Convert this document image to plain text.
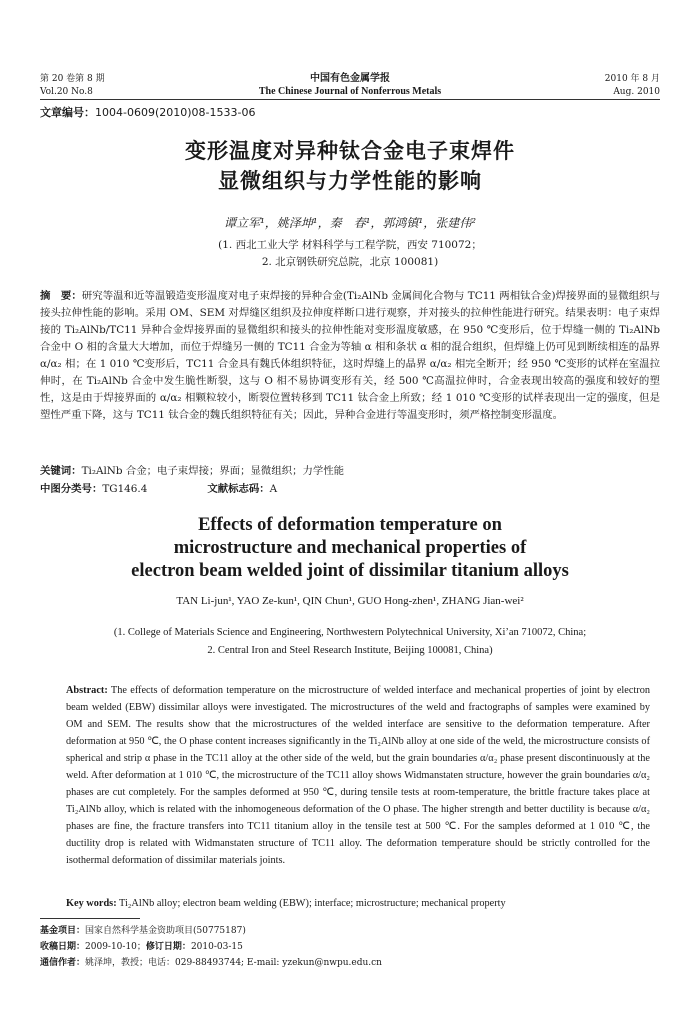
第 20 卷第 8 期	中国有色金属学报	2010 年 8 月
Vol.20 No.8	The Chinese Journal of Nonferrous Metals	Aug. 2010
文章编号：1004-0609(2010)08-1533-06
变形温度对异种钛合金电子束焊件
显微组织与力学性能的影响
谭立军¹，姚泽坤¹，秦　春¹，郭鸿镇¹，张建伟²
(1. 西北工业大学 材料科学与工程学院，西安 710072；
2. 北京钢铁研究总院，北京 100081)
摘　要：研究等温和近等温锻造变形温度对电子束焊接的异种合金(Ti₂AlNb 金属间化合物与 TC11 两相钛合金)焊接界面的显微组织与接头拉伸性能的影响。采用 OM、SEM 对焊缝区组织及拉伸度样断口进行观察，并对接头的拉伸性能进行研究。结果表明：电子束焊接的 Ti₂AlNb/TC11 异种合金焊接界面的显微组织和接头的拉伸性能对变形温度敏感，在 950 ℃变形后，位于焊缝一侧的 Ti₂AlNb 合金中 O 相的含量大大增加，而位于焊缝另一侧的 TC11 合金为等轴 α 相和条状 α 相的混合组织，但焊缝上仍可见到断续相连的晶界 α/α₂ 相；在 1 010 ℃变形后，TC11 合金具有魏氏体组织特征，这时焊缝上的晶界 α/α₂ 相完全断开；经 950 ℃变形的试样在室温拉伸时，在 Ti₂AlNb 合金中发生脆性断裂，这与 O 相不易协调变形有关，经 500 ℃高温拉伸时，合金表现出较高的强度和较好的塑性，这是由于焊接界面的 α/α₂ 相颗粒较小，断裂位置转移到 TC11 钛合金上所致；经 1 010 ℃变形的试样表现出一定的强度，但是塑性严重下降，这与 TC11 钛合金的魏氏组织特征有关；因此，异种合金进行等温变形时，须严格控制变形温度。
关键词：Ti₂AlNb 合金；电子束焊接；界面；显微组织；力学性能
中图分类号：TG146.4	文献标志码：A
Effects of deformation temperature on
microstructure and mechanical properties of
electron beam welded joint of dissimilar titanium alloys
TAN Li-jun¹, YAO Ze-kun¹, QIN Chun¹, GUO Hong-zhen¹, ZHANG Jian-wei²
(1. College of Materials Science and Engineering, Northwestern Polytechnical University, Xi’an 710072, China;
2. Central Iron and Steel Research Institute, Beijing 100081, China)
Abstract: The effects of deformation temperature on the microstructure of welded interface and mechanical properties of joint by electron beam welded (EBW) dissimilar alloys were investigated. The microstructures of the weld and fractographs of samples were examined by OM and SEM. The results show that the microstructures of the welded interface are sensitive to the deformation temperature. After deformation at 950 ℃, the O phase content increases significantly in the Ti₂AlNb alloy at one side of the weld, the microstructure consists of spherical and strip α phase in the TC11 alloy at the other side of the weld, but the grain boundaries α/α₂ phase present discontinuously at the weld. After deformation at 1 010 ℃, the microstructure of the TC11 alloy shows Widmanstaten structure, however the grain boundaries α/α₂ phases are cut completely. For the samples deformed at 950 ℃, during tensile tests at room-temperature, the brittle fracture takes place at Ti₂AlNb alloy, which is related with the inhomogeneous deformation of the O phase. The higher strength and better ductility is because α/α₂ phases are fine, the fracture transfers into TC11 titanium alloy in the tensile test at 500 ℃. For the samples deformed at 1 010 ℃, the ductility drop is related with Widmanstaten structure of TC11 alloy. The deformation temperature should be strictly controlled for the isothermal deformation of dissimilar materials joints.
Key words: Ti₂AlNb alloy; electron beam welding (EBW); interface; microstructure; mechanical property
基金项目：国家自然科学基金资助项目(50775187)
收稿日期：2009-10-10；修订日期：2010-03-15
通信作者：姚泽坤，教授；电话：029-88493744; E-mail: yzekun@nwpu.edu.cn
